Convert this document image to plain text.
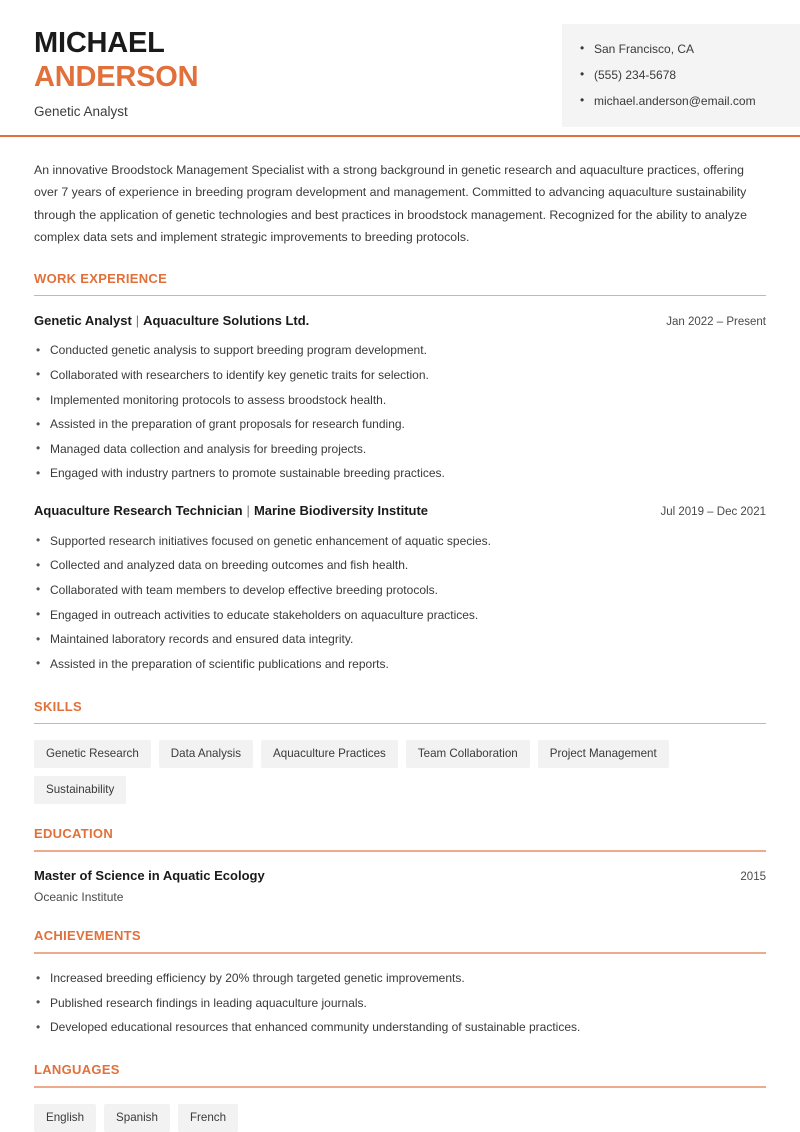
MICHAEL
ANDERSON
Genetic Analyst
• San Francisco, CA
• (555) 234-5678
• michael.anderson@email.com
An innovative Broodstock Management Specialist with a strong background in genetic research and aquaculture practices, offering over 7 years of experience in breeding program development and management. Committed to advancing aquaculture sustainability through the application of genetic technologies and best practices in broodstock management. Recognized for the ability to analyze complex data sets and implement strategic improvements to breeding protocols.
WORK EXPERIENCE
Genetic Analyst | Aquaculture Solutions Ltd.	Jan 2022 – Present
• Conducted genetic analysis to support breeding program development.
• Collaborated with researchers to identify key genetic traits for selection.
• Implemented monitoring protocols to assess broodstock health.
• Assisted in the preparation of grant proposals for research funding.
• Managed data collection and analysis for breeding projects.
• Engaged with industry partners to promote sustainable breeding practices.
Aquaculture Research Technician | Marine Biodiversity Institute	Jul 2019 – Dec 2021
• Supported research initiatives focused on genetic enhancement of aquatic species.
• Collected and analyzed data on breeding outcomes and fish health.
• Collaborated with team members to develop effective breeding protocols.
• Engaged in outreach activities to educate stakeholders on aquaculture practices.
• Maintained laboratory records and ensured data integrity.
• Assisted in the preparation of scientific publications and reports.
SKILLS
Genetic Research	Data Analysis	Aquaculture Practices	Team Collaboration	Project Management
Sustainability
EDUCATION
Master of Science in Aquatic Ecology	2015
Oceanic Institute
ACHIEVEMENTS
• Increased breeding efficiency by 20% through targeted genetic improvements.
• Published research findings in leading aquaculture journals.
• Developed educational resources that enhanced community understanding of sustainable practices.
LANGUAGES
English	Spanish	French
